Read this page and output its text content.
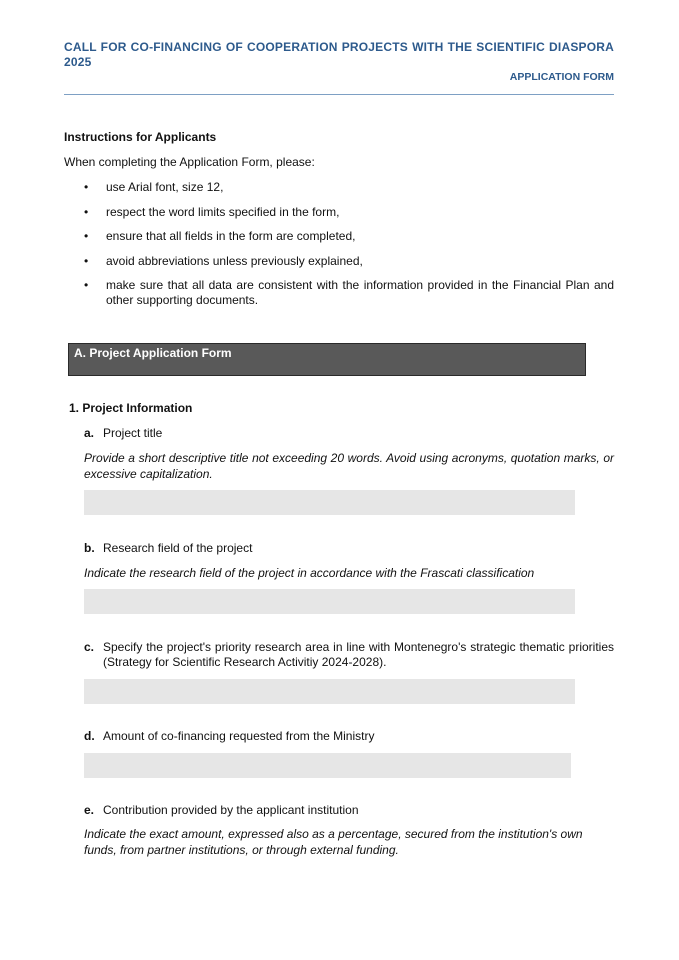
CALL FOR CO-FINANCING OF COOPERATION PROJECTS WITH THE SCIENTIFIC DIASPORA 2025
APPLICATION FORM
Instructions for Applicants
When completing the Application Form, please:
• use Arial font, size 12,
• respect the word limits specified in the form,
• ensure that all fields in the form are completed,
• avoid abbreviations unless previously explained,
• make sure that all data are consistent with the information provided in the Financial Plan and other supporting documents.
A. Project Application Form
1. Project Information
a. Project title
Provide a short descriptive title not exceeding 20 words. Avoid using acronyms, quotation marks, or excessive capitalization.
b. Research field of the project
Indicate the research field of the project in accordance with the Frascati classification
c. Specify the project's priority research area in line with Montenegro's strategic thematic priorities (Strategy for Scientific Research Activitiy 2024-2028).
d. Amount of co-financing requested from the Ministry
e. Contribution provided by the applicant institution
Indicate the exact amount, expressed also as a percentage, secured from the institution's own funds, from partner institutions, or through external funding.
